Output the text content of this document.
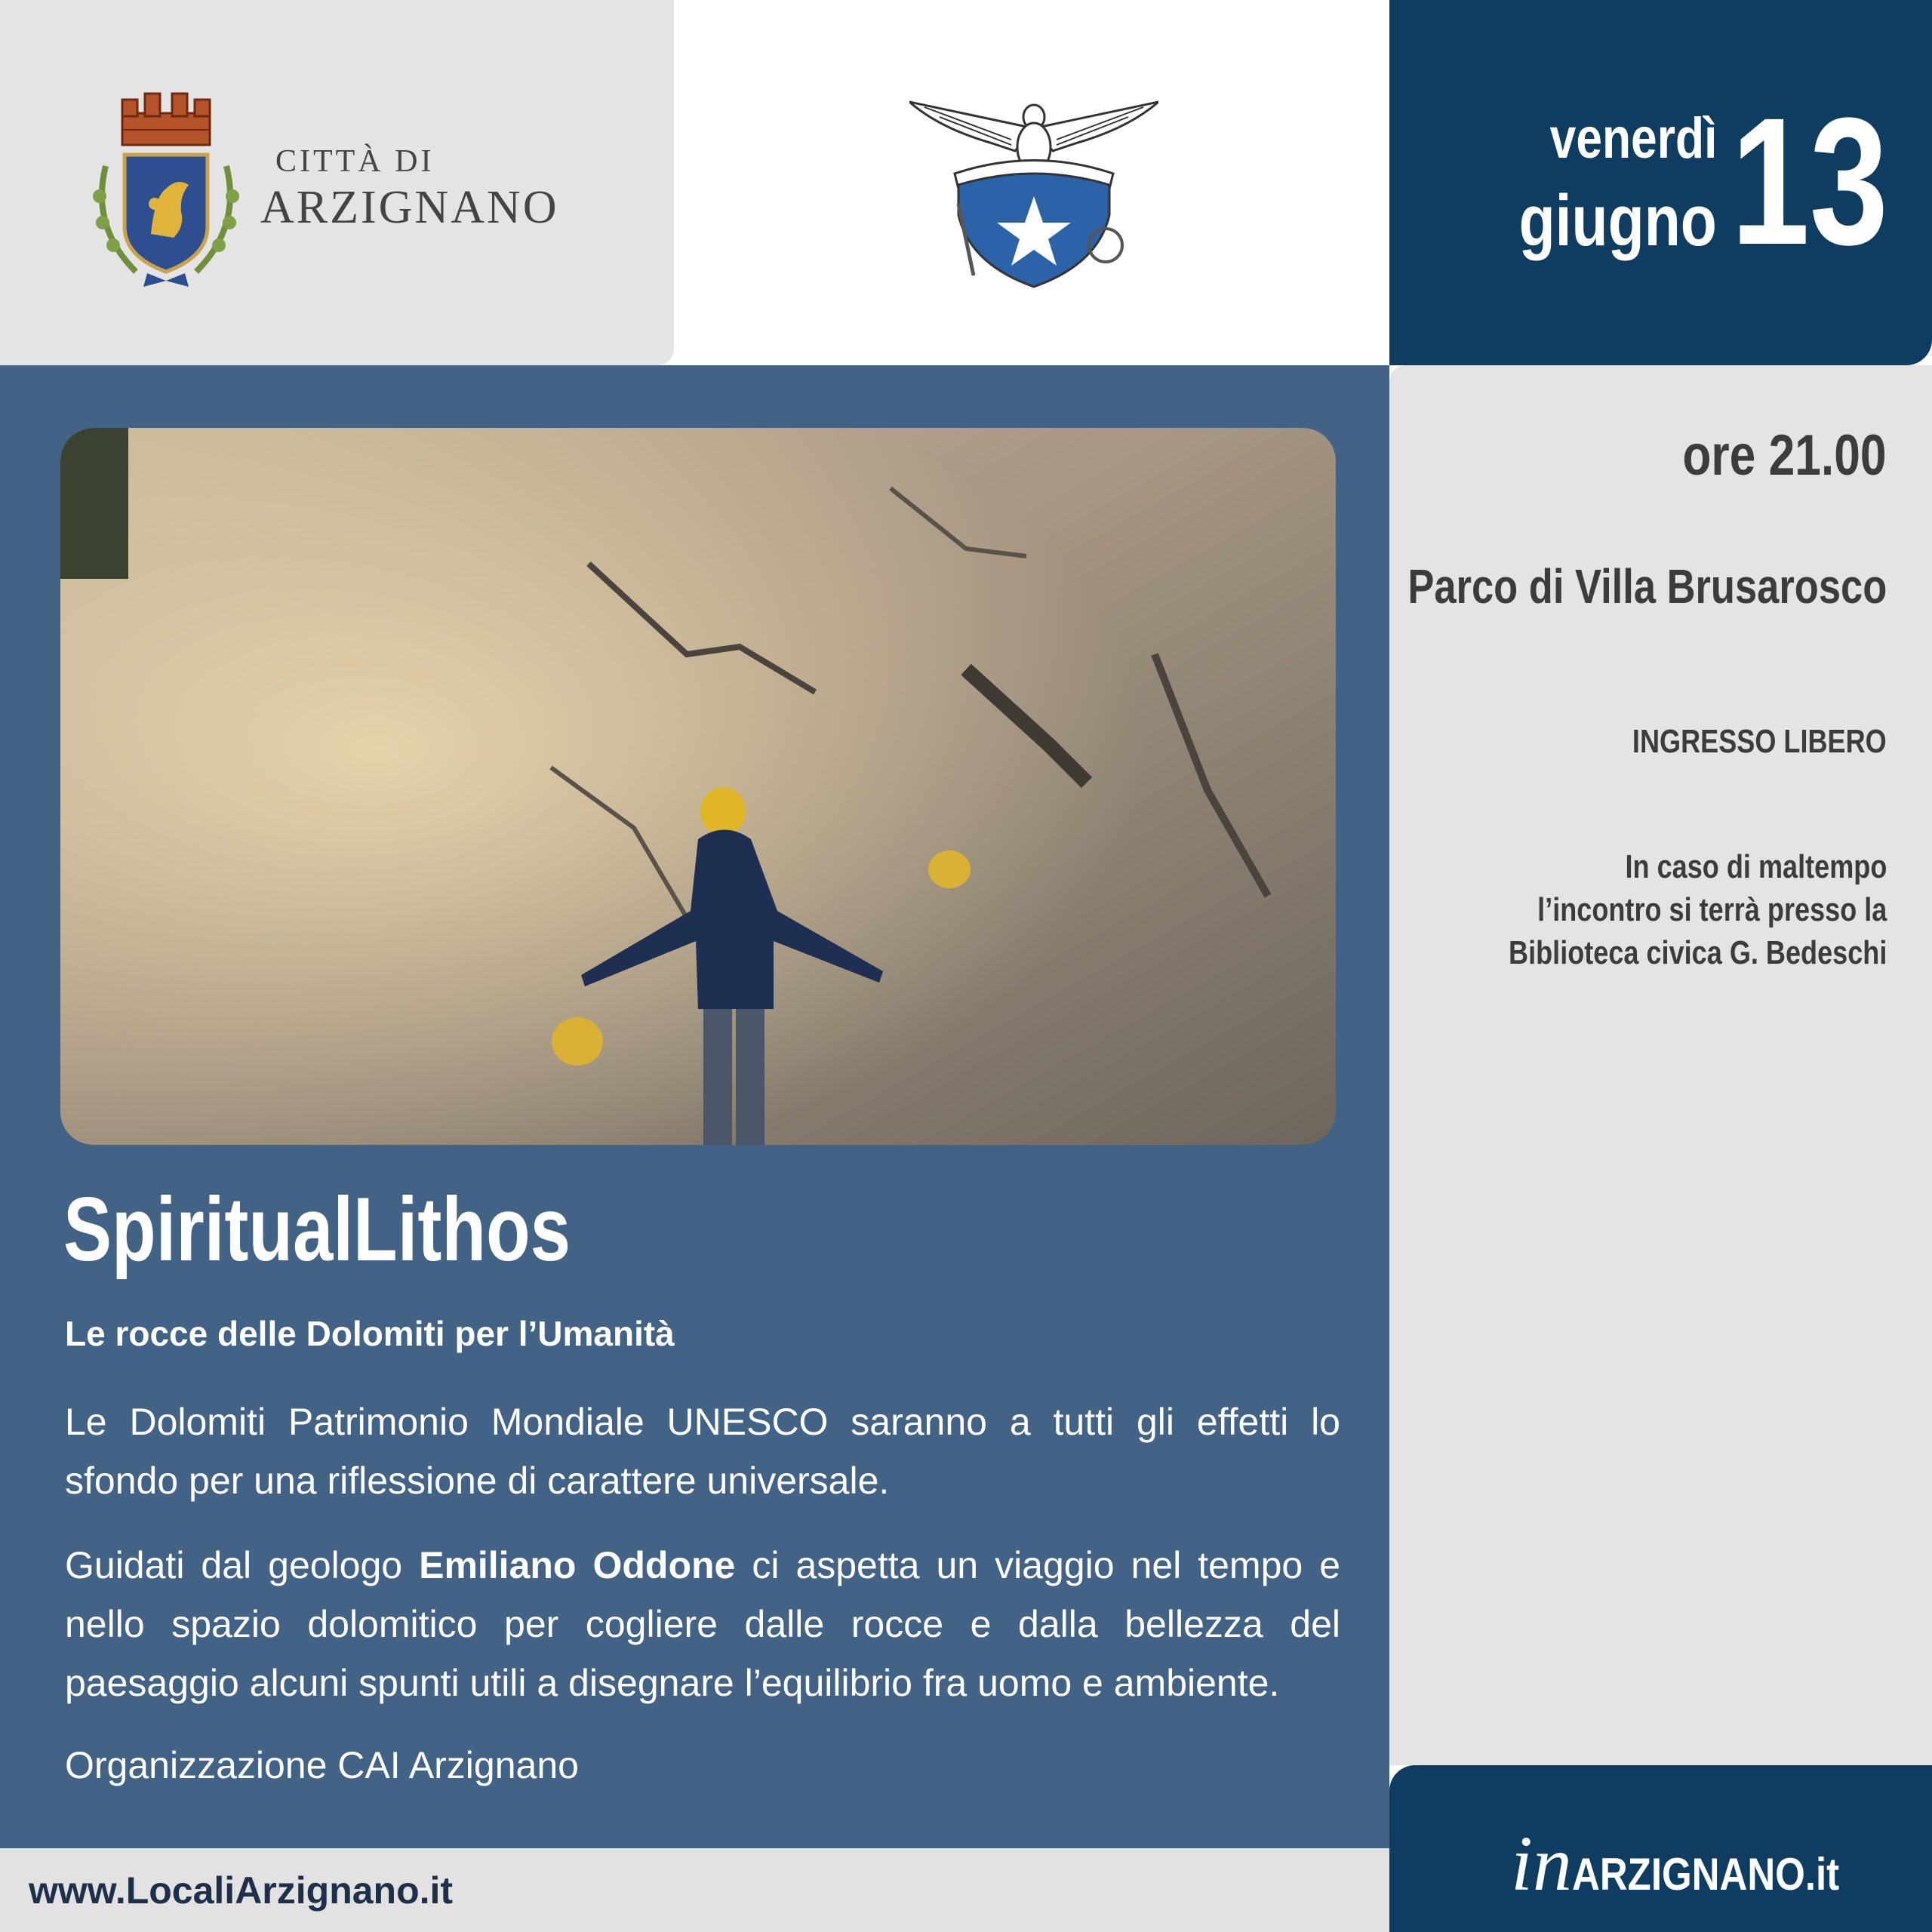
CITTÀ DI
ARZIGNANO
venerdì
giugno 13
ore 21.00
Parco di Villa Brusarosco
INGRESSO LIBERO
In caso di maltempo
l’incontro si terrà presso la
Biblioteca civica G. Bedeschi
SpiritualLithos
Le rocce delle Dolomiti per l’Umanità
Le Dolomiti Patrimonio Mondiale UNESCO saranno a tutti gli effetti lo sfondo per una riflessione di carattere universale.
Guidati dal geologo Emiliano Oddone ci aspetta un viaggio nel tempo e nello spazio dolomitico per cogliere dalle rocce e dalla bellezza del paesaggio alcuni spunti utili a disegnare l’equilibrio fra uomo e ambiente.
Organizzazione CAI Arzignano
www.LocaliArzignano.it	inARZIGNANO.it
